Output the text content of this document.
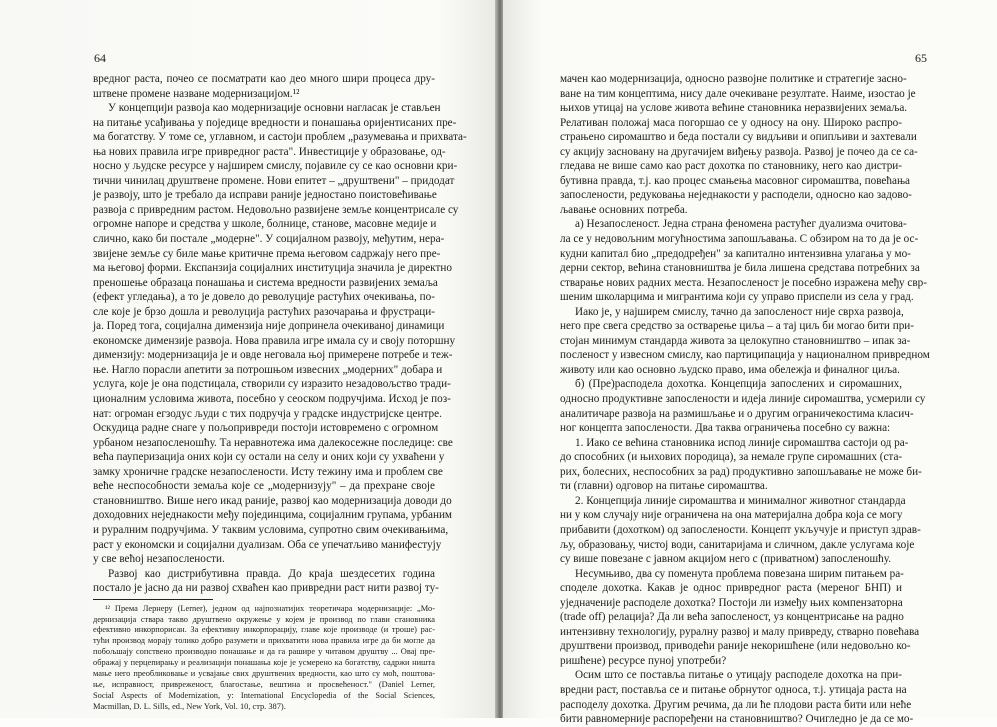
64
вредног раста, почео се посматрати као део много шири процеса дру-
штвене промене назване модернизацијом.¹²
У концепцији развоја као модернизације основни нагласак је стављен
на питање усађивања у поједице вредности и понашања оријентисаних пре-
ма богатству. У томе се, углавном, и састоји проблем „разумевања и прихвата-
ња нових правила игре привредног раста". Инвестиције у образовање, од-
носно у људске ресурсе у најширем смислу, појавиле су се као основни кри-
тични чинилац друштвене промене. Нови епитет – „друштвени" – придодат
је развоју, што је требало да исправи раније једностано поистовећивање
развоја с привредним растом. Недовољно развијене земље концентрисале су
огромне напоре и средства у школе, болнице, станове, масовне медије и
слично, како би постале „модерне". У социјалном развоју, међутим, нера-
звијене земље су биле мање критичне према његовом садржају него пре-
ма његовој форми. Експанзија социјалних институција значила је директно
преношење образаца понашања и система вредности развијених земаља
(ефект угледања), а то је довело до револуције растућих очекивања, по-
сле које је брзо дошла и револуција растућих разочарања и фрустраци-
ја. Поред тога, социјална димензија није допринела очекиваној динамици
економске димензије развоја. Нова правила игре имала су и своју поторшну
димензију: модернизација је и овде неговала њој примерене потребе и теж-
ње. Нагло порасли апетити за потрошњом извесних „модерних" добара и
услуга, које је она подстицала, створили су изразито незадовољство тради-
ционалним условима живота, посебно у сеоском подручјима. Исход је поз-
нат: огроман егзодус људи с тих подручја у градске индустријске центре.
Оскудица радне снаге у пољопривреди постоји истовремено с огромном
урбаном незапосленошћу. Та неравнотежа има далекосежне последице: све
већа пауперизација оних који су остали на селу и оних који су ухваћени у
замку хроничне градске незапослености. Исту тежину има и проблем све
веће неспособности земаља које се „модернизују" – да прехране своје
становништво. Више него икад раније, развој као модернизација доводи до
доходовних неједнакости међу појединцима, социјалним групама, урбаним
и руралним подручјима. У таквим условима, супротно свим очекивањима,
раст у економски и социјални дуализам. Оба се упечатљиво манифестују
у све већој незапослености.
Развој као дистрибутивна правда. До краја шездесетих година
постало је јасно да ни развој схваћен као привредни раст нити развој ту-
¹² Према Лернеру (Lerner), једном од најпознатијих теоретичара модернизације: „Мо-
дернизација ствара такво друштвено окружење у којем је производ по глави становника
ефективно инкорпорисан. За ефективну инкорпорацију, главе које производе (и троше) рас-
тући производ морају толико добро разумети и прихватити нова правила игре да би могле да
побољшају сопствено производно понашање и да га рашире у читавом друштву ... Овај пре-
ображај у перцепирању и реализацији понашања које је усмерено ка богатству, садржи ништа
мање него преобликовање и усвајање свих друштвених вредности, као што су моћ, поштова-
ње, исправност, привреженост, благостање, вештина и просвећеност." (Daniel Lerner,
Social Aspects of Modernization, у: International Encyclopedia of the Social Sciences,
Macmillan, D. L. Sills, ed., New York, Vol. 10, стр. 387).
65
мачен као модернизација, односно развојне политике и стратегије засно-
ване на тим концептима, нису дале очекиване резултате. Наиме, изостао је
њихов утицај на услове живота већине становника неразвијених земаља.
Релативан положај маса погоршао се у односу на ону. Широко распро-
страњено сиромаштво и беда постали су видљиви и опипљиви и захтевали
су акцију засновану на другачијем виђењу развоја. Развој је почео да се са-
гледава не више само као раст дохотка по становнику, него као дистри-
бутивна правда, т.ј. као процес смањења масовног сиромаштва, повећања
запослености, редуковања неједнакости у расподели, односно као задово-
љавање основних потреба.
а) Незапосленост. Једна страна феномена растућег дуализма очитова-
ла се у недовољним могућностима запошљавања. С обзиром на то да је ос-
кудни капитал био „предодређен" за капитално интензивна улагања у мо-
дерни сектор, већина становништва је била лишена средстава потребних за
стварање нових радних места. Незапосленост је посебно изражена међу свр-
шеним школарцима и мигрантима који су управо приспели из села у град.
Иако је, у најширем смислу, тачно да запосленост није сврха развоја,
него пре свега средство за остварење циља – а тај циљ би могао бити при-
стојан минимум стандарда живота за целокупно становништво – ипак за-
посленост у извесном смислу, као партиципација у националном привредном
животу или као основно људско право, има обележја и финалног циља.
б) (Пре)расподела дохотка. Концепција запослених и сиромашних,
односно продуктивне запослености и идеја линије сиромаштва, усмерили су
аналитичаре развоја на размишљање и о другим ограничекостима класич-
ног концепта запослености. Два таква ограничења посебно су важна:
1. Иако се већина становника испод линије сиромаштва састоји од ра-
до способних (и њихових породица), за немале групе сиромашних (ста-
рих, болесних, неспособних за рад) продуктивно запошљавање не може би-
ти (главни) одговор на питање сиромаштва.
2. Концепција линије сиромаштва и минималног животног стандарда
ни у ком случају није ограничена на она материјална добра која се могу
прибавити (дохотком) од запослености. Концепт укључује и приступ здрав-
љу, образовању, чистој води, санитаријама и сличном, дакле услугама које
су више повезане с јавном акцијом него с (приватном) запосленошћу.
Несумњиво, два су поменута проблема повезана ширим питањем ра-
споделе дохотка. Какав је однос привредног раста (мереног БНП) и
уједначеније расподеле дохотка? Постоји ли између њих компензаторна
(trade off) релација? Да ли већа запосленост, уз концентрисање на радно
интензивну технологију, руралну развој и малу привреду, стварно повећава
друштвени производ, приводећи раније некоришћене (или недовољно ко-
ришћене) ресурсе пуној употреби?
Осим што се поставља питање о утицају расподеле дохотка на при-
вредни раст, поставља се и питање обрнутог односа, т.ј. утицаја раста на
расподелу дохотка. Другим речима, да ли ће плодови раста бити или неће
бити равномерније распоређени на становништво? Очигледно је да се мо-
